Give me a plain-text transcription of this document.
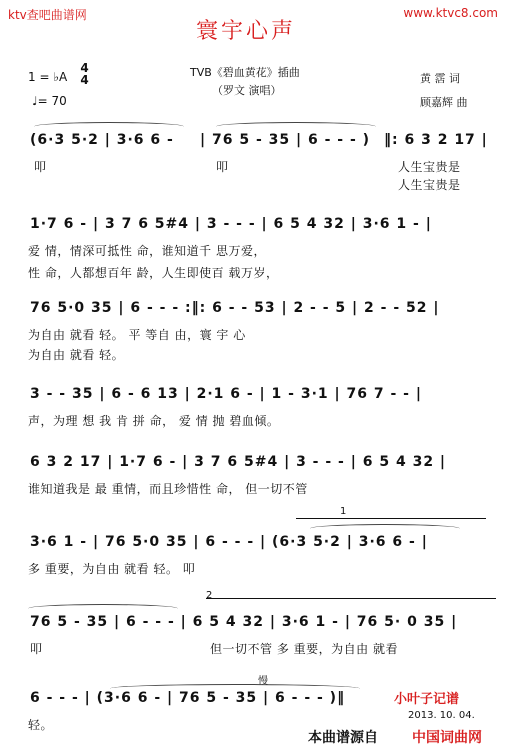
ktv查吧曲谱网	www.ktvc8.com
寰宇心声
1 = ♭A
4
4
♩= 70
TVB《碧血黄花》插曲
（罗文 演唱）
黄 霑 词
顾嘉辉 曲
(6·3 5·2 | 3·6 6 - | 76 5 - 35 | 6 - - - ) ‖: 6 3 2 17 |
叩	叩	人生宝贵是
人生宝贵是
1·7 6 - | 3 7 6 5#4 | 3 - - - | 6 5 4 32 | 3·6 1 - |
爱 情，情深可抵性 命，谁知道千 思万爱，
性 命，人都想百年 龄，人生即使百 载万岁，
76 5·0 35 | 6 - - - :‖: 6 - - 53 | 2 - - 5 | 2 - - 52 |
为自由 就看 轻。 平 等自 由，寰 宇 心
为自由 就看 轻。
3 - - 35 | 6 - 6 13 | 2·1 6 - | 1 - 3·1 | 76 7 - - |
声，为理 想 我 肯 拼 命， 爱 情 抛 碧血倾。
6 3 2 17 | 1·7 6 - | 3 7 6 5#4 | 3 - - - | 6 5 4 32 |
谁知道我是 最 重情，而且珍惜性 命， 但一切不管
1
3·6 1 - | 76 5·0 35 | 6 - - - | (6·3 5·2 | 3·6 6 - |
多 重要，为自由 就看 轻。 叩
2
76 5 - 35 | 6 - - - | 6 5 4 32 | 3·6 1 - | 76 5· 0 35 |
叩	但一切不管 多 重要，为自由 就看
慢
6 - - - | (3·6 6 - | 76 5 - 35 | 6 - - - )‖
轻。
小叶子记谱
2013. 10. 04.
本曲谱源自 中国词曲网
